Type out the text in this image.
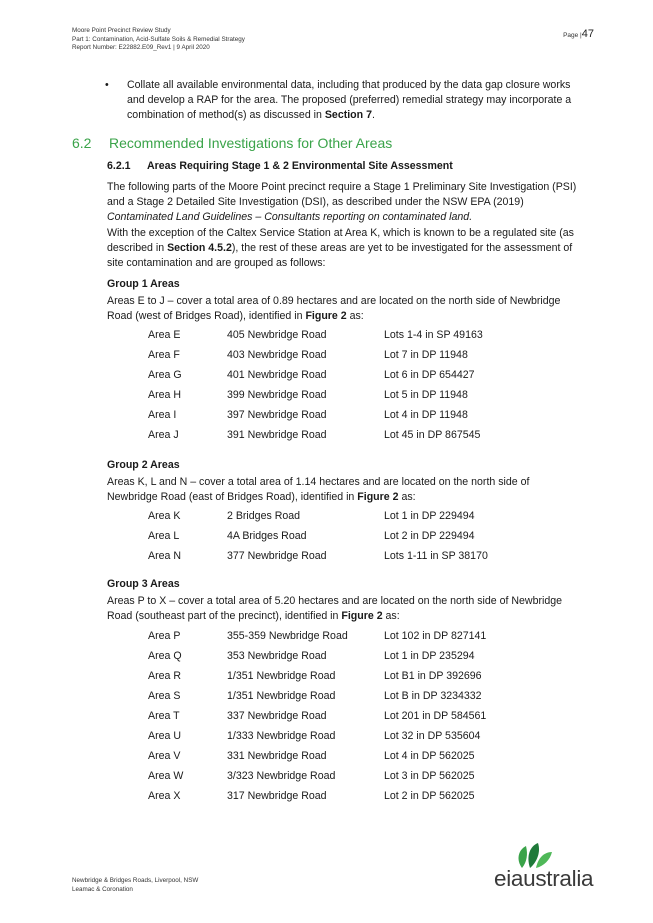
Moore Point Precinct Review Study
Part 1: Contamination, Acid-Sulfate Soils & Remedial Strategy
Report Number: E22882.E09_Rev1 | 9 April 2020
Page |47

• Collate all available environmental data, including that produced by the data gap closure works and develop a RAP for the area. The proposed (preferred) remedial strategy may incorporate a combination of method(s) as discussed in Section 7.

6.2 Recommended Investigations for Other Areas
6.2.1 Areas Requiring Stage 1 & 2 Environmental Site Assessment

The following parts of the Moore Point precinct require a Stage 1 Preliminary Site Investigation (PSI) and a Stage 2 Detailed Site Investigation (DSI), as described under the NSW EPA (2019) Contaminated Land Guidelines – Consultants reporting on contaminated land.

With the exception of the Caltex Service Station at Area K, which is known to be a regulated site (as described in Section 4.5.2), the rest of these areas are yet to be investigated for the assessment of site contamination and are grouped as follows:

Group 1 Areas

Areas E to J – cover a total area of 0.89 hectares and are located on the north side of Newbridge Road (west of Bridges Road), identified in Figure 2 as:

Area E	405 Newbridge Road	Lots 1-4 in SP 49163
Area F	403 Newbridge Road	Lot 7 in DP 11948
Area G	401 Newbridge Road	Lot 6 in DP 654427
Area H	399 Newbridge Road	Lot 5 in DP 11948
Area I	397 Newbridge Road	Lot 4 in DP 11948
Area J	391 Newbridge Road	Lot 45 in DP 867545

Group 2 Areas

Areas K, L and N – cover a total area of 1.14 hectares and are located on the north side of Newbridge Road (east of Bridges Road), identified in Figure 2 as:

Area K	2 Bridges Road	Lot 1 in DP 229494
Area L	4A Bridges Road	Lot 2 in DP 229494
Area N	377 Newbridge Road	Lots 1-11 in SP 38170

Group 3 Areas

Areas P to X – cover a total area of 5.20 hectares and are located on the north side of Newbridge Road (southeast part of the precinct), identified in Figure 2 as:

Area P	355-359 Newbridge Road	Lot 102 in DP 827141
Area Q	353 Newbridge Road	Lot 1 in DP 235294
Area R	1/351 Newbridge Road	Lot B1 in DP 392696
Area S	1/351 Newbridge Road	Lot B in DP 3234332
Area T	337 Newbridge Road	Lot 201 in DP 584561
Area U	1/333 Newbridge Road	Lot 32 in DP 535604
Area V	331 Newbridge Road	Lot 4 in DP 562025
Area W	3/323 Newbridge Road	Lot 3 in DP 562025
Area X	317 Newbridge Road	Lot 2 in DP 562025
Newbridge & Bridges Roads, Liverpool, NSW
Leamac & Coronation	eiaustralia
